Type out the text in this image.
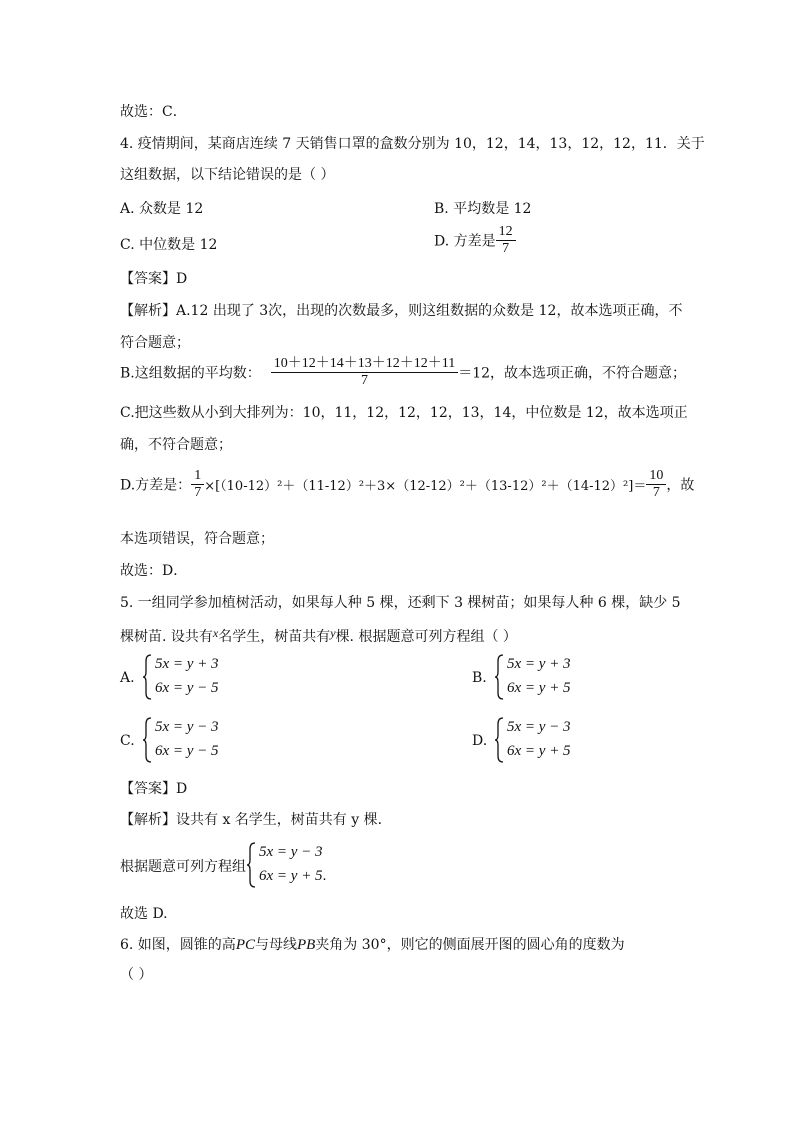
故选：C．
4. 疫情期间，某商店连续 7 天销售口罩的盒数分别为 10，12，14，13，12，12，11．关于
这组数据，以下结论错误的是（ ）
A. 众数是 12	B. 平均数是 12
C. 中位数是 12	D. 方差是 $\frac{12}{7}$
【答案】D
【解析】A.12 出现了 3次，出现的次数最多，则这组数据的众数是 12，故本选项正确，不
符合题意；
B.这组数据的平均数： $\frac{10+12+14+13+12+12+11}{7} =12$，故本选项正确，不符合题意；
C.把这些数从小到大排列为：10，11，12，12，12，13，14，中位数是 12，故本选项正
确，不符合题意；
D.方差是： $\frac{1}{7} \times[(10-12)^2+(11-12)^2+3\times(12-12)^2+(13-12)^2+(14-12)^2]= \frac{10}{7}$ ，故
本选项错误，符合题意；
故选：D．
5. 一组同学参加植树活动，如果每人种 5 棵，还剩下 3 棵树苗；如果每人种 6 棵，缺少 5
棵树苗. 设共有x名学生，树苗共有y棵. 根据题意可列方程组（ ）
A.
5x = y + 3
6x = y − 5
B.
5x = y + 3
6x = y + 5
C.
5x = y − 3
6x = y − 5
D.
5x = y − 3
6x = y + 5
【答案】D
【解析】设共有 x 名学生，树苗共有 y 棵．
根据题意可列方程组
5x = y − 3
6x = y + 5.
故选 D.
6. 如图，圆锥的高PC与母线PB夹角为 30°，则它的侧面展开图的圆心角的度数为
（ ）
